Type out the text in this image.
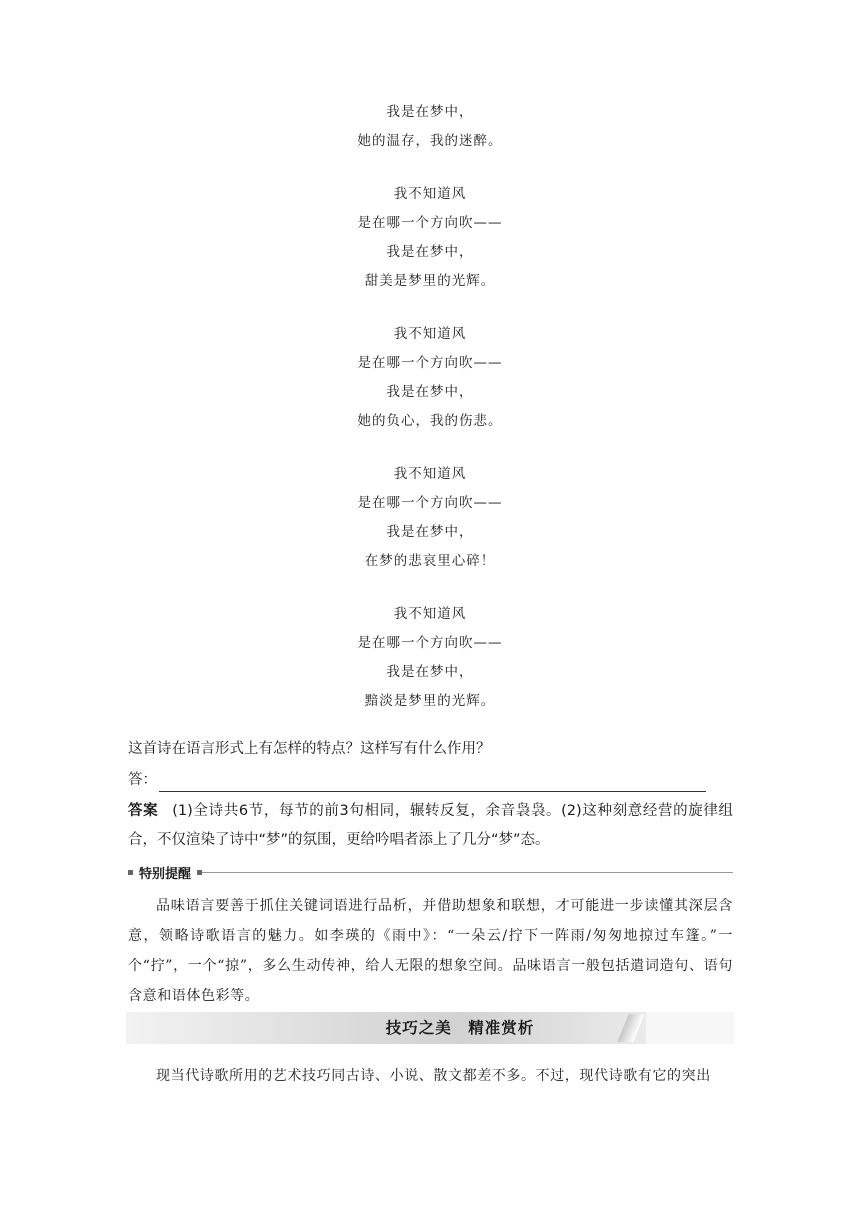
我是在梦中，
她的温存，我的迷醉。
我不知道风
是在哪一个方向吹——
我是在梦中，
甜美是梦里的光辉。
我不知道风
是在哪一个方向吹——
我是在梦中，
她的负心，我的伤悲。
我不知道风
是在哪一个方向吹——
我是在梦中，
在梦的悲哀里心碎！
我不知道风
是在哪一个方向吹——
我是在梦中，
黯淡是梦里的光辉。
这首诗在语言形式上有怎样的特点？这样写有什么作用？
答：
答案 (1)全诗共6节，每节的前3句相同，辗转反复，余音袅袅。(2)这种刻意经营的旋律组合，不仅渲染了诗中“梦”的氛围，更给吟唱者添上了几分“梦”态。
特别提醒
品味语言要善于抓住关键词语进行品析，并借助想象和联想，才可能进一步读懂其深层含意，领略诗歌语言的魅力。如李瑛的《雨中》：“一朵云/拧下一阵雨/匆匆地掠过车篷。”一个“拧”，一个“掠”，多么生动传神，给人无限的想象空间。品味语言一般包括遣词造句、语句含意和语体色彩等。
技巧之美　精准赏析
现当代诗歌所用的艺术技巧同古诗、小说、散文都差不多。不过，现代诗歌有它的突出
